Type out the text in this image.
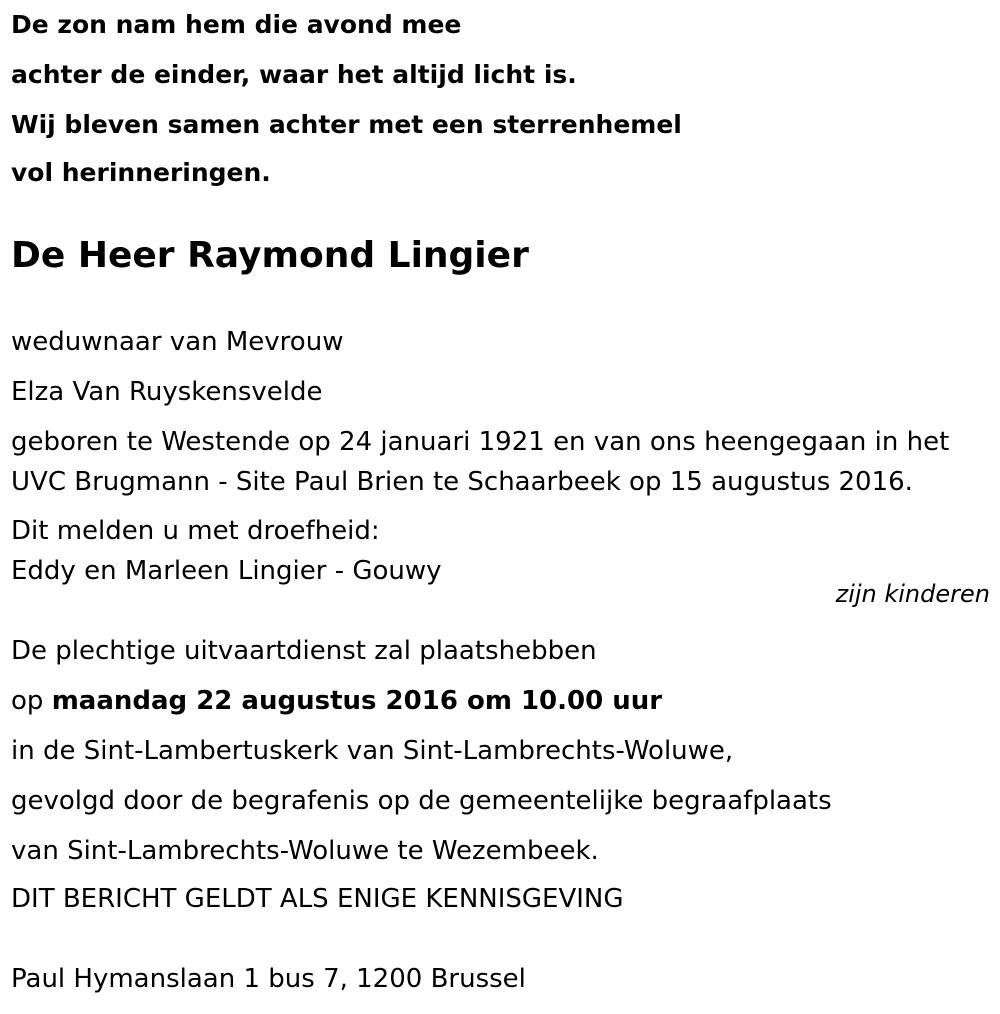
De zon nam hem die avond mee
achter de einder, waar het altijd licht is.
Wij bleven samen achter met een sterrenhemel
vol herinneringen.
De Heer Raymond Lingier
weduwnaar van Mevrouw
Elza Van Ruyskensvelde
geboren te Westende op 24 januari 1921 en van ons heengegaan in het
UVC Brugmann - Site Paul Brien te Schaarbeek op 15 augustus 2016.
Dit melden u met droefheid:
Eddy en Marleen Lingier - Gouwy
zijn kinderen
De plechtige uitvaartdienst zal plaatshebben
op maandag 22 augustus 2016 om 10.00 uur
in de Sint-Lambertuskerk van Sint-Lambrechts-Woluwe,
gevolgd door de begrafenis op de gemeentelijke begraafplaats
van Sint-Lambrechts-Woluwe te Wezembeek.
DIT BERICHT GELDT ALS ENIGE KENNISGEVING
Paul Hymanslaan 1 bus 7, 1200 Brussel
